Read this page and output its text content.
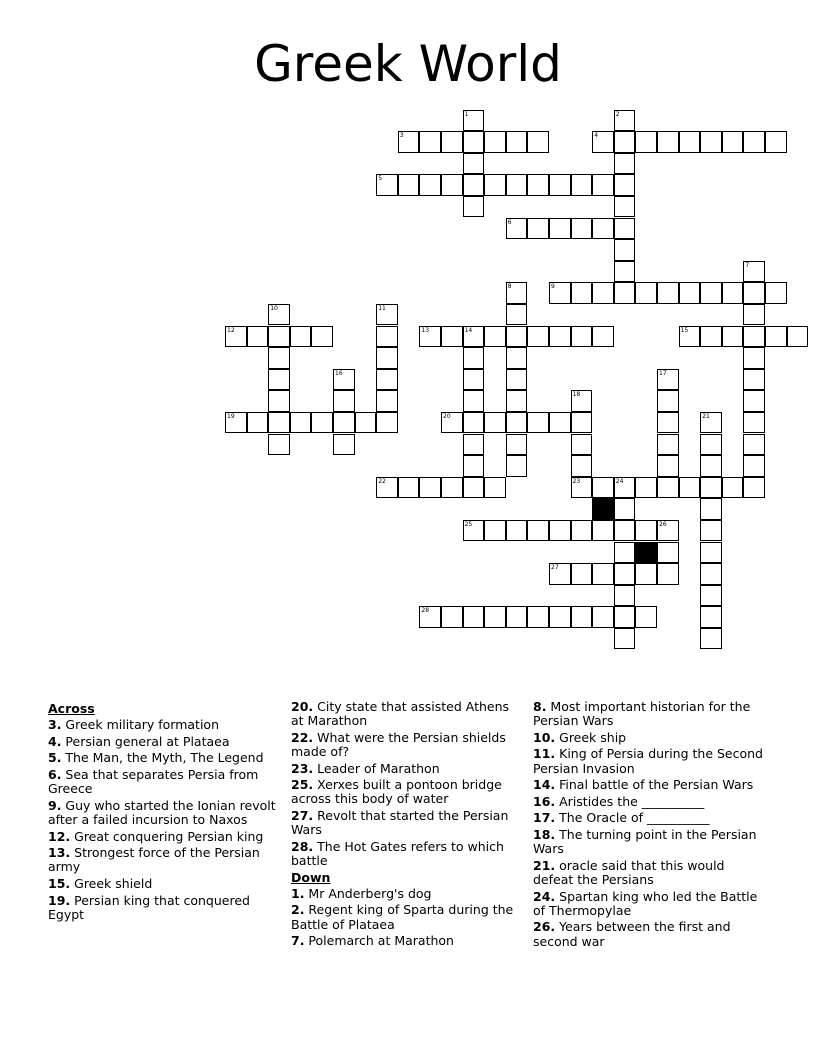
Greek World
3	4
5
6
9
12	13	15
19	20
22	23
25
27
28
1	2
7
8
10	11
14
16	17
18
21
24
26
Across
3. Greek military formation
4. Persian general at Plataea
5. The Man, the Myth, The Legend
6. Sea that separates Persia from Greece
9. Guy who started the Ionian revolt after a failed incursion to Naxos
12. Great conquering Persian king
13. Strongest force of the Persian army
15. Greek shield
19. Persian king that conquered Egypt
20. City state that assisted Athens at Marathon
22. What were the Persian shields made of?
23. Leader of Marathon
25. Xerxes built a pontoon bridge across this body of water
27. Revolt that started the Persian Wars
28. The Hot Gates refers to which battle
Down
1. Mr Anderberg's dog
2. Regent king of Sparta during the Battle of Plataea
7. Polemarch at Marathon
8. Most important historian for the Persian Wars
10. Greek ship
11. King of Persia during the Second Persian Invasion
14. Final battle of the Persian Wars
16. Aristides the __________
17. The Oracle of __________
18. The turning point in the Persian Wars
21. oracle said that this would defeat the Persians
24. Spartan king who led the Battle of Thermopylae
26. Years between the first and second war
